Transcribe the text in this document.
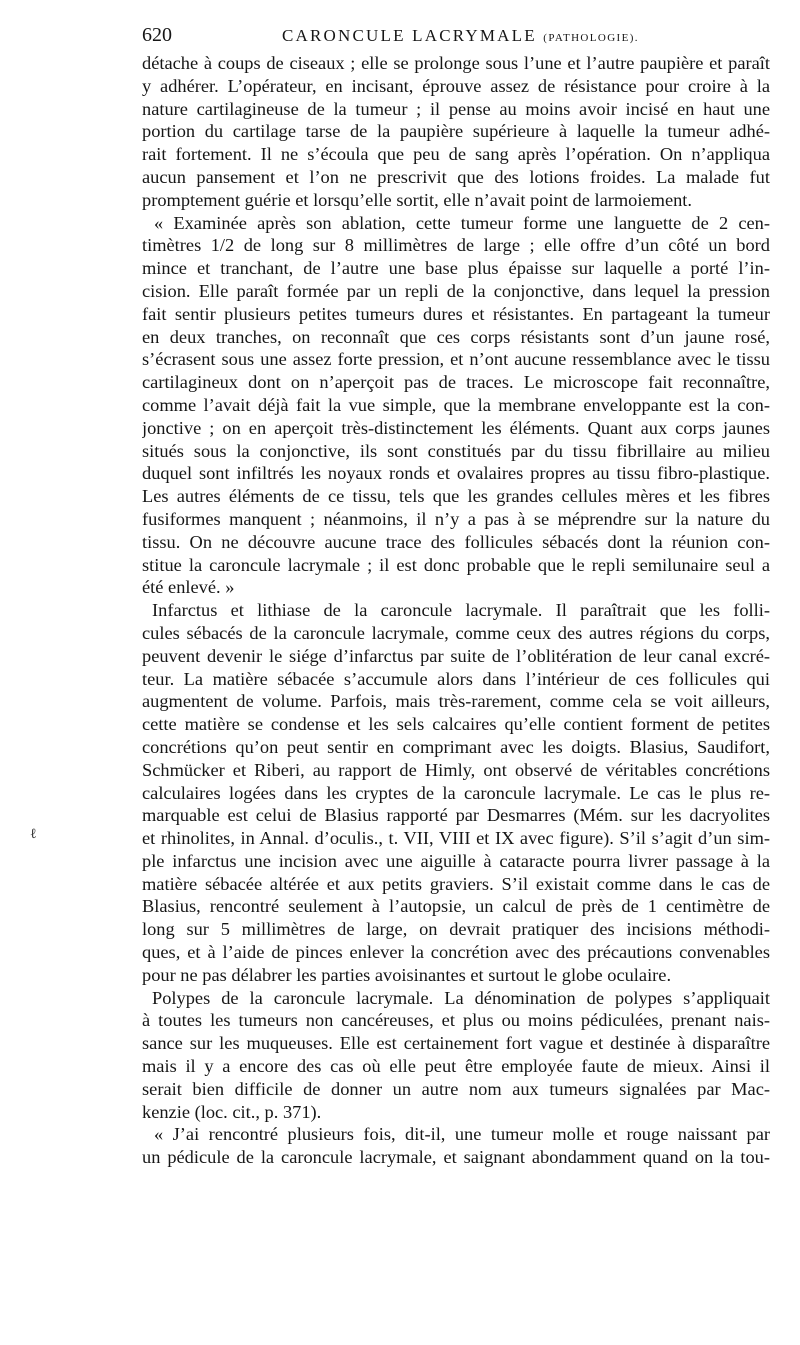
620	CARONCULE LACRYMALE (PATHOLOGIE).
ℓ
détache à coups de ciseaux ; elle se prolonge sous l’une et l’autre paupière et paraît
y adhérer. L’opérateur, en incisant, éprouve assez de résistance pour croire à la
nature cartilagineuse de la tumeur ; il pense au moins avoir incisé en haut une
portion du cartilage tarse de la paupière supérieure à laquelle la tumeur adhé-
rait fortement. Il ne s’écoula que peu de sang après l’opération. On n’appliqua
aucun pansement et l’on ne prescrivit que des lotions froides. La malade fut
promptement guérie et lorsqu’elle sortit, elle n’avait point de larmoiement.
« Examinée après son ablation, cette tumeur forme une languette de 2 cen-
timètres 1/2 de long sur 8 millimètres de large ; elle offre d’un côté un bord
mince et tranchant, de l’autre une base plus épaisse sur laquelle a porté l’in-
cision. Elle paraît formée par un repli de la conjonctive, dans lequel la pression
fait sentir plusieurs petites tumeurs dures et résistantes. En partageant la tumeur
en deux tranches, on reconnaît que ces corps résistants sont d’un jaune rosé,
s’écrasent sous une assez forte pression, et n’ont aucune ressemblance avec le tissu
cartilagineux dont on n’aperçoit pas de traces. Le microscope fait reconnaître,
comme l’avait déjà fait la vue simple, que la membrane enveloppante est la con-
jonctive ; on en aperçoit très-distinctement les éléments. Quant aux corps jaunes
situés sous la conjonctive, ils sont constitués par du tissu fibrillaire au milieu
duquel sont infiltrés les noyaux ronds et ovalaires propres au tissu fibro-plastique.
Les autres éléments de ce tissu, tels que les grandes cellules mères et les fibres
fusiformes manquent ; néanmoins, il n’y a pas à se méprendre sur la nature du
tissu. On ne découvre aucune trace des follicules sébacés dont la réunion con-
stitue la caroncule lacrymale ; il est donc probable que le repli semilunaire seul a
été enlevé. »
Infarctus et lithiase de la caroncule lacrymale. Il paraîtrait que les folli-
cules sébacés de la caroncule lacrymale, comme ceux des autres régions du corps,
peuvent devenir le siége d’infarctus par suite de l’oblitération de leur canal excré-
teur. La matière sébacée s’accumule alors dans l’intérieur de ces follicules qui
augmentent de volume. Parfois, mais très-rarement, comme cela se voit ailleurs,
cette matière se condense et les sels calcaires qu’elle contient forment de petites
concrétions qu’on peut sentir en comprimant avec les doigts. Blasius, Saudifort,
Schmücker et Riberi, au rapport de Himly, ont observé de véritables concrétions
calculaires logées dans les cryptes de la caroncule lacrymale. Le cas le plus re-
marquable est celui de Blasius rapporté par Desmarres (Mém. sur les dacryolites
et rhinolites, in Annal. d’oculis., t. VII, VIII et IX avec figure). S’il s’agit d’un sim-
ple infarctus une incision avec une aiguille à cataracte pourra livrer passage à la
matière sébacée altérée et aux petits graviers. S’il existait comme dans le cas de
Blasius, rencontré seulement à l’autopsie, un calcul de près de 1 centimètre de
long sur 5 millimètres de large, on devrait pratiquer des incisions méthodi-
ques, et à l’aide de pinces enlever la concrétion avec des précautions convenables
pour ne pas délabrer les parties avoisinantes et surtout le globe oculaire.
Polypes de la caroncule lacrymale. La dénomination de polypes s’appliquait
à toutes les tumeurs non cancéreuses, et plus ou moins pédiculées, prenant nais-
sance sur les muqueuses. Elle est certainement fort vague et destinée à disparaître
mais il y a encore des cas où elle peut être employée faute de mieux. Ainsi il
serait bien difficile de donner un autre nom aux tumeurs signalées par Mac-
kenzie (loc. cit., p. 371).
« J’ai rencontré plusieurs fois, dit-il, une tumeur molle et rouge naissant par
un pédicule de la caroncule lacrymale, et saignant abondamment quand on la tou-
